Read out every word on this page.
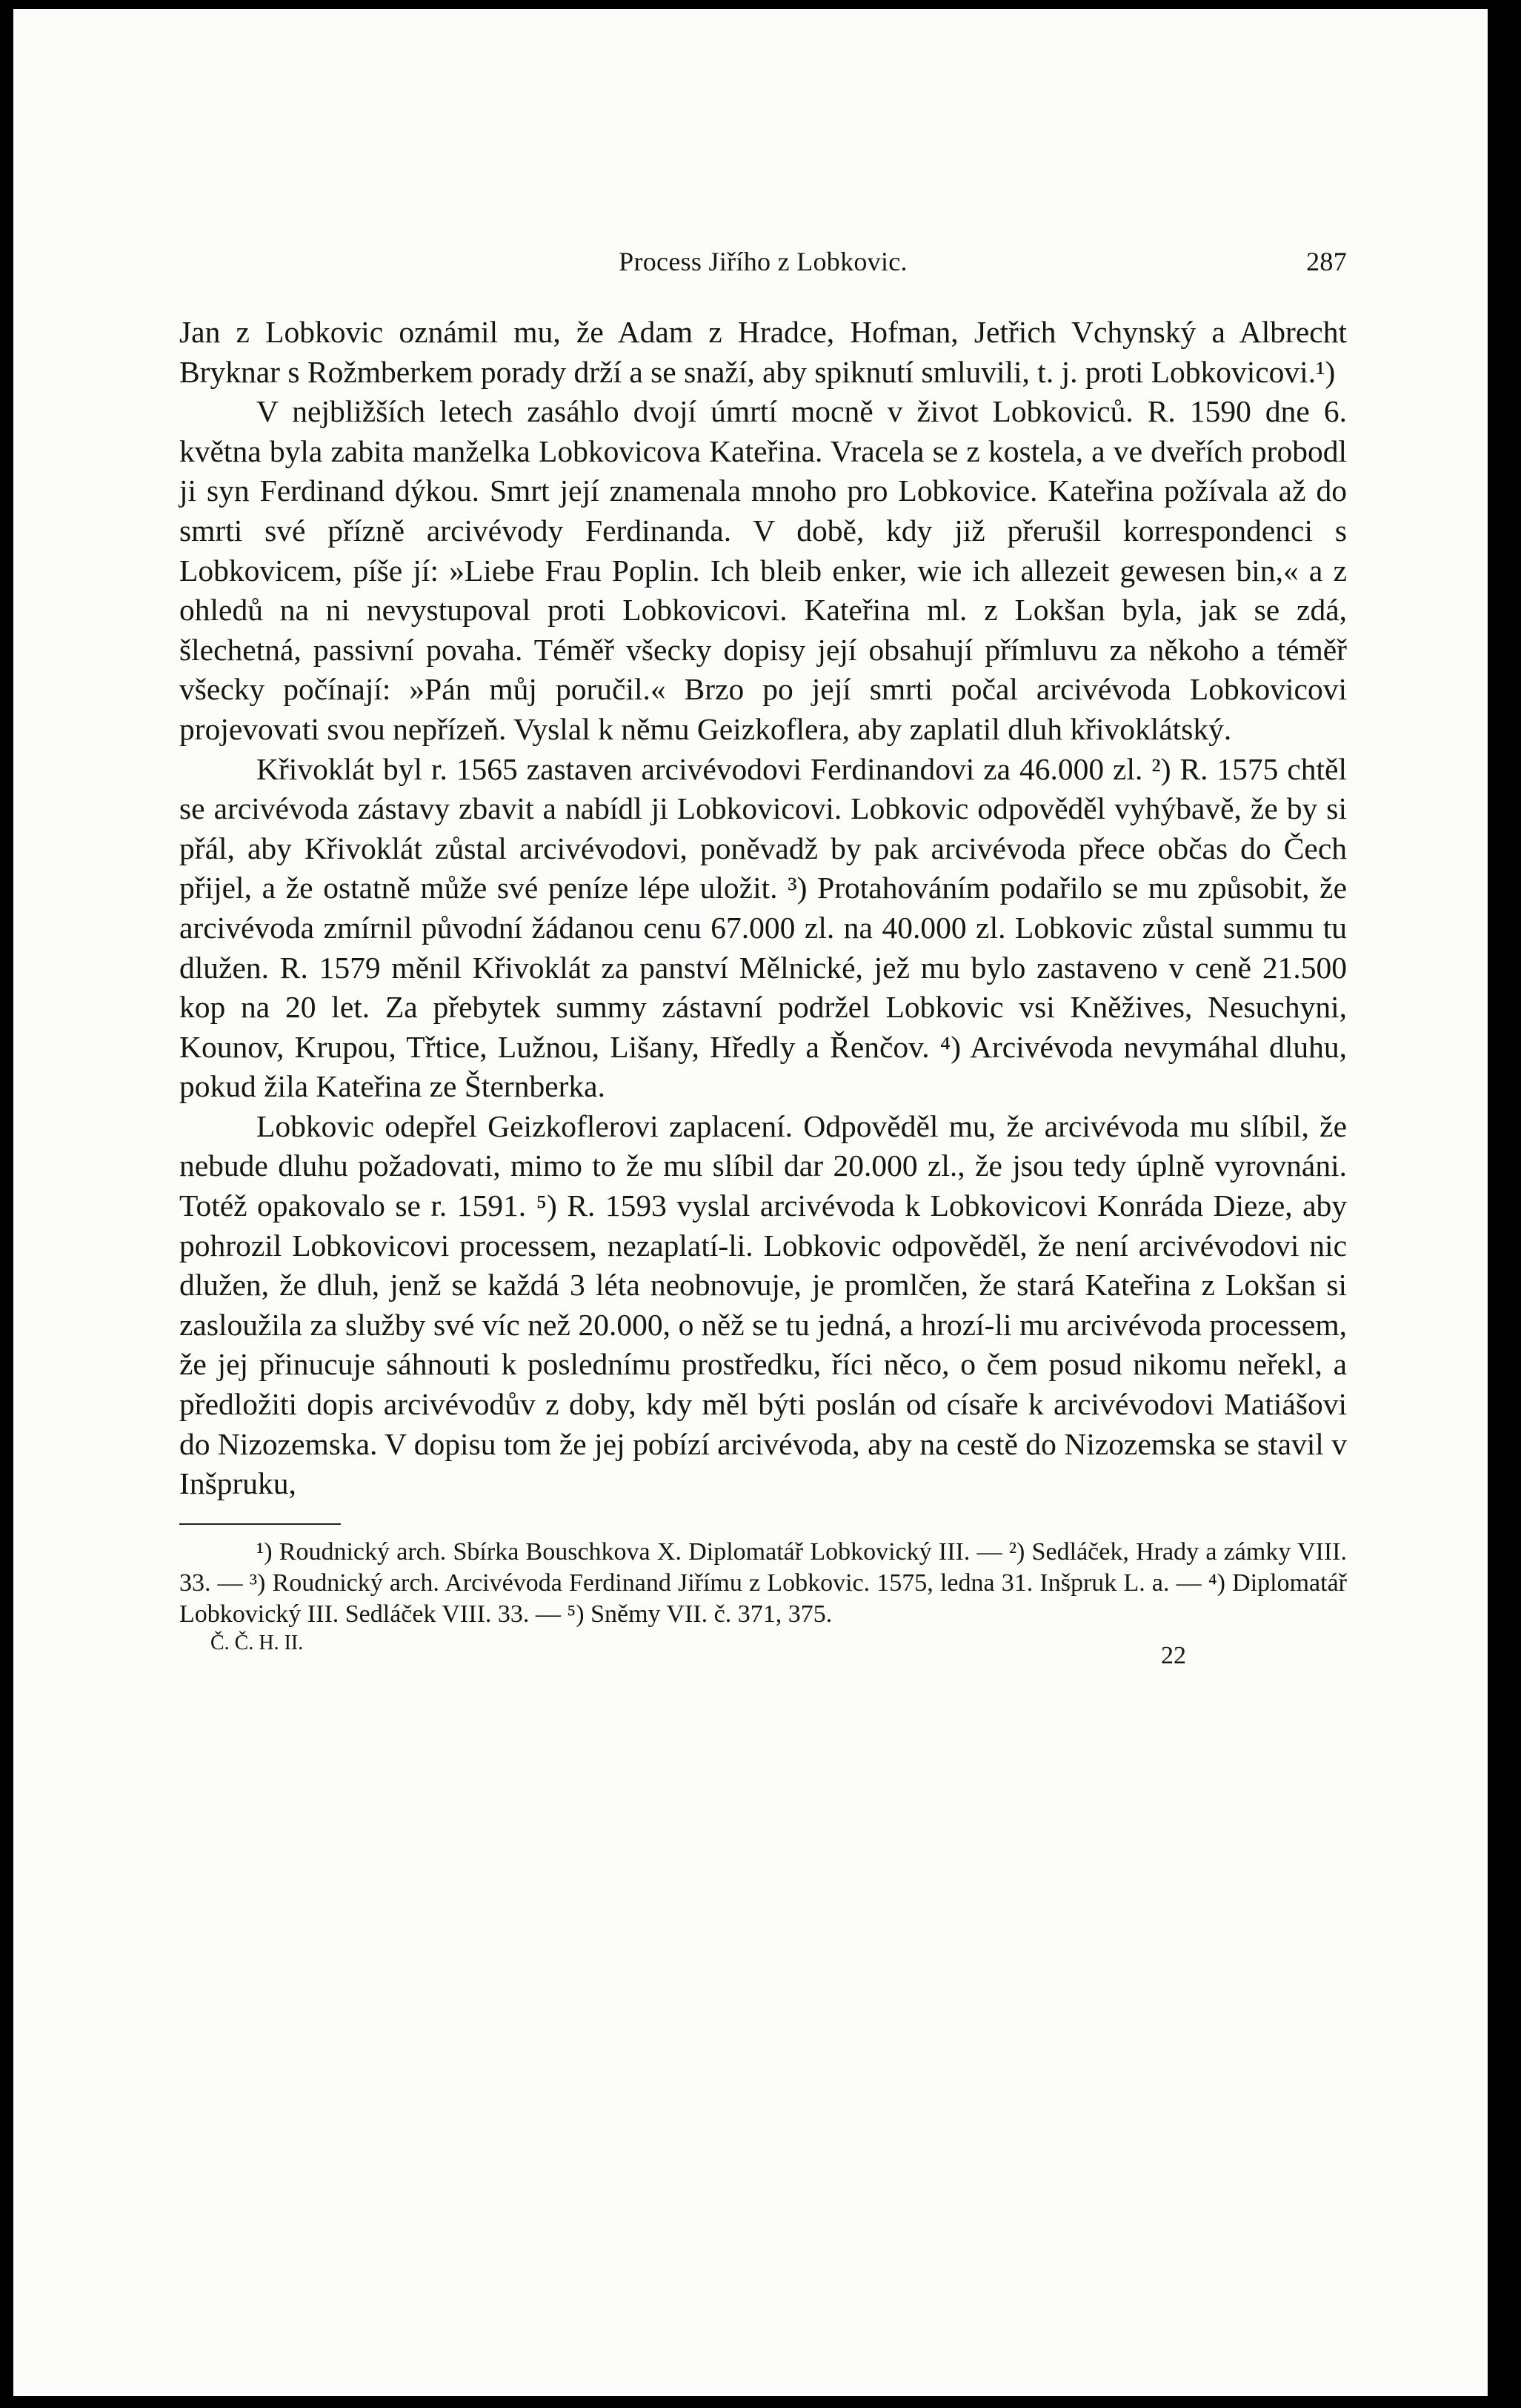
Process Jiřího z Lobkovic.	287

Jan z Lobkovic oznámil mu, že Adam z Hradce, Hofman, Jetřich Vchynský a Albrecht Bryknar s Rožmberkem porady drží a se snaží, aby spiknutí smluvili, t. j. proti Lobkovicovi.¹)

V nejbližších letech zasáhlo dvojí úmrtí mocně v život Lobkoviců. R. 1590 dne 6. května byla zabita manželka Lobkovicova Kateřina. Vracela se z kostela, a ve dveřích probodl ji syn Ferdinand dýkou. Smrt její znamenala mnoho pro Lobkovice. Kateřina požívala až do smrti své přízně arcivévody Ferdinanda. V době, kdy již přerušil korrespondenci s Lobkovicem, píše jí: »Liebe Frau Poplin. Ich bleib enker, wie ich allezeit gewesen bin,« a z ohledů na ni nevystupoval proti Lobkovicovi. Kateřina ml. z Lokšan byla, jak se zdá, šlechetná, passivní povaha. Téměř všecky dopisy její obsahují přímluvu za někoho a téměř všecky počínají: »Pán můj poručil.« Brzo po její smrti počal arcivévoda Lobkovicovi projevovati svou nepřízeň. Vyslal k němu Geizkoflera, aby zaplatil dluh křivoklátský.

Křivoklát byl r. 1565 zastaven arcivévodovi Ferdinandovi za 46.000 zl. ²) R. 1575 chtěl se arcivévoda zástavy zbavit a nabídl ji Lobkovicovi. Lobkovic odpověděl vyhýbavě, že by si přál, aby Křivoklát zůstal arcivévodovi, poněvadž by pak arcivévoda přece občas do Čech přijel, a že ostatně může své peníze lépe uložit. ³) Protahováním podařilo se mu způsobit, že arcivévoda zmírnil původní žádanou cenu 67.000 zl. na 40.000 zl. Lobkovic zůstal summu tu dlužen. R. 1579 měnil Křivoklát za panství Mělnické, jež mu bylo zastaveno v ceně 21.500 kop na 20 let. Za přebytek summy zástavní podržel Lobkovic vsi Kněžives, Nesuchyni, Kounov, Krupou, Třtice, Lužnou, Lišany, Hředly a Řenčov. ⁴) Arcivévoda nevymáhal dluhu, pokud žila Kateřina ze Šternberka.

Lobkovic odepřel Geizkoflerovi zaplacení. Odpověděl mu, že arcivévoda mu slíbil, že nebude dluhu požadovati, mimo to že mu slíbil dar 20.000 zl., že jsou tedy úplně vyrovnáni. Totéž opakovalo se r. 1591. ⁵) R. 1593 vyslal arcivévoda k Lobkovicovi Konráda Dieze, aby pohrozil Lobkovicovi processem, nezaplatí-li. Lobkovic odpověděl, že není arcivévodovi nic dlužen, že dluh, jenž se každá 3 léta neobnovuje, je promlčen, že stará Kateřina z Lokšan si zasloužila za služby své víc než 20.000, o něž se tu jedná, a hrozí-li mu arcivévoda processem, že jej přinucuje sáhnouti k poslednímu prostředku, říci něco, o čem posud nikomu neřekl, a předložiti dopis arcivévodův z doby, kdy měl býti poslán od císaře k arcivévodovi Matiášovi do Nizozemska. V dopisu tom že jej pobízí arcivévoda, aby na cestě do Nizozemska se stavil v Inšpruku,

¹) Roudnický arch. Sbírka Bouschkova X. Diplomatář Lobkovický III. — ²) Sedláček, Hrady a zámky VIII. 33. — ³) Roudnický arch. Arcivévoda Ferdinand Jiřímu z Lobkovic. 1575, ledna 31. Inšpruk L. a. — ⁴) Diplomatář Lobkovický III. Sedláček VIII. 33. — ⁵) Sněmy VII. č. 371, 375.

Č. Č. H. II.	22
